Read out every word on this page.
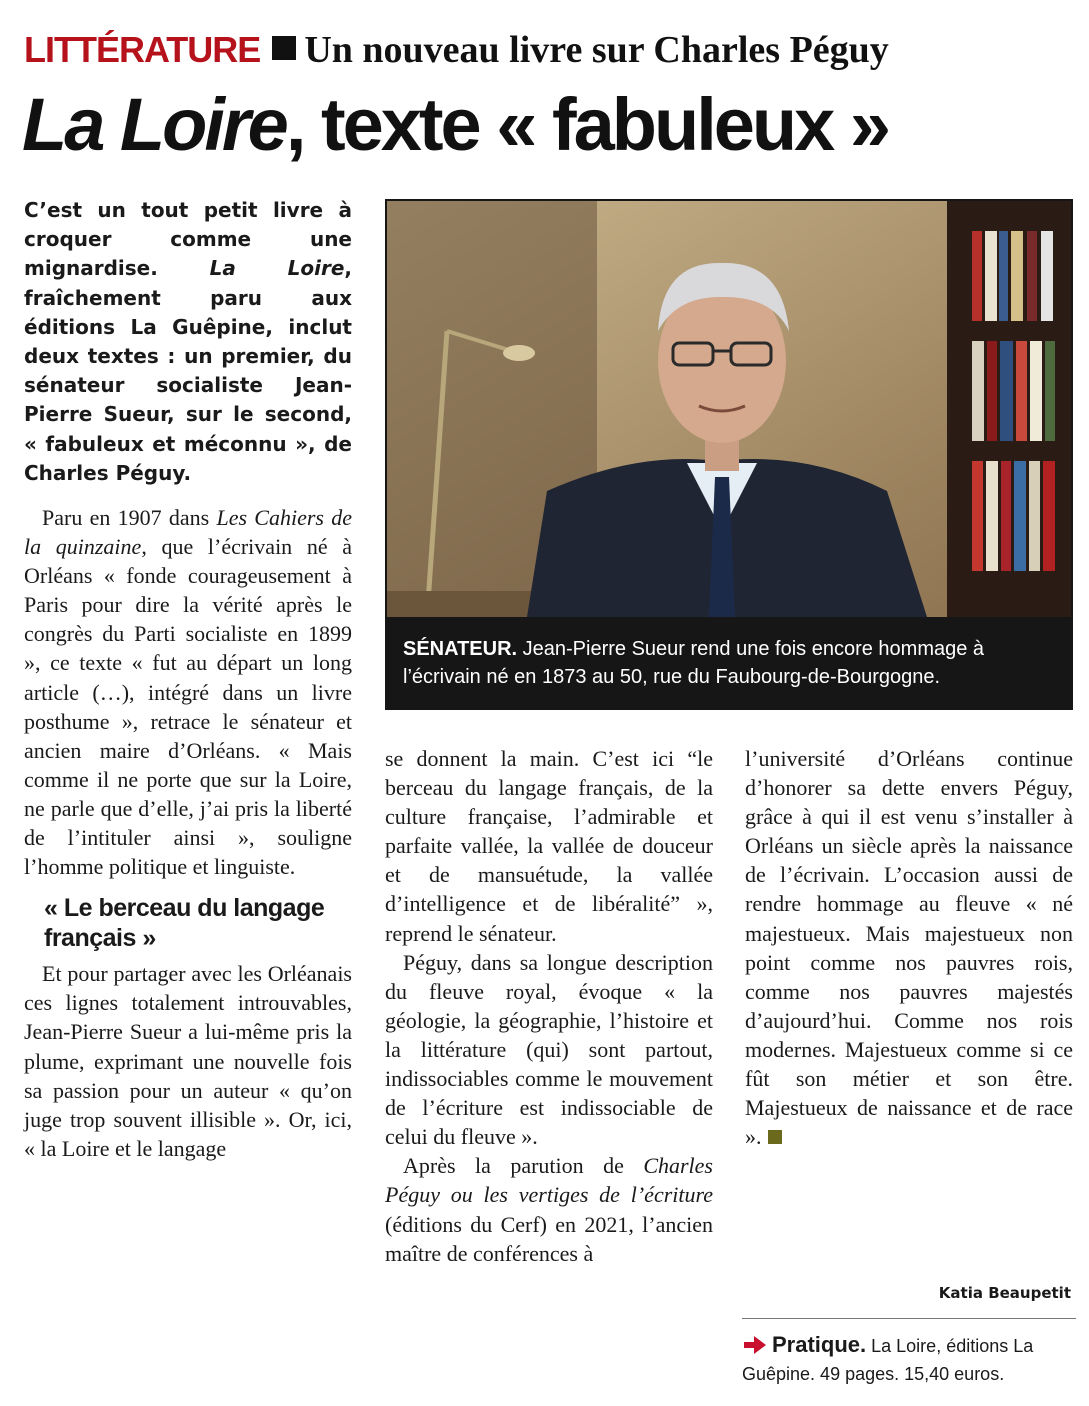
LITTÉRATURE Un nouveau livre sur Charles Péguy
La Loire, texte « fabuleux »
C’est un tout petit livre à croquer comme une mignardise. La Loire, fraîchement paru aux éditions La Guêpine, inclut deux textes : un premier, du sénateur socialiste Jean-Pierre Sueur, sur le second, « fabuleux et méconnu », de Charles Péguy.

Paru en 1907 dans Les Cahiers de la quinzaine, que l’écrivain né à Orléans « fonde courageusement à Paris pour dire la vérité après le congrès du Parti socialiste en 1899 », ce texte « fut au départ un long article (…), intégré dans un livre posthume », retrace le sénateur et ancien maire d’Orléans. « Mais comme il ne porte que sur la Loire, ne parle que d’elle, j’ai pris la liberté de l’intituler ainsi », souligne l’homme politique et linguiste.

« Le berceau du langage français »

Et pour partager avec les Orléanais ces lignes totalement introuvables, Jean-Pierre Sueur a lui-même pris la plume, exprimant une nouvelle fois sa passion pour un auteur « qu’on juge trop souvent illisible ». Or, ici, « la Loire et le langage

SÉNATEUR. Jean-Pierre Sueur rend une fois encore hommage à l’écrivain né en 1873 au 50, rue du Faubourg-de-Bourgogne.

se donnent la main. C’est ici “le berceau du langage français, de la culture française, l’admirable et parfaite vallée, la vallée de douceur et de mansuétude, la vallée d’intelligence et de libéralité” », reprend le sénateur.

Péguy, dans sa longue description du fleuve royal, évoque « la géologie, la géographie, l’histoire et la littérature (qui) sont partout, indissociables comme le mouvement de l’écriture est indissociable de celui du fleuve ».

Après la parution de Charles Péguy ou les vertiges de l’écriture (éditions du Cerf) en 2021, l’ancien maître de conférences à

l’université d’Orléans continue d’honorer sa dette envers Péguy, grâce à qui il est venu s’installer à Orléans un siècle après la naissance de l’écrivain. L’occasion aussi de rendre hommage au fleuve « né majestueux. Mais majestueux non point comme nos pauvres rois, comme nos pauvres majestés d’aujourd’hui. Comme nos rois modernes. Majestueux comme si ce fût son métier et son être. Majestueux de naissance et de race ».

Katia Beaupetit
Pratique. La Loire, éditions La Guêpine. 49 pages. 15,40 euros.
